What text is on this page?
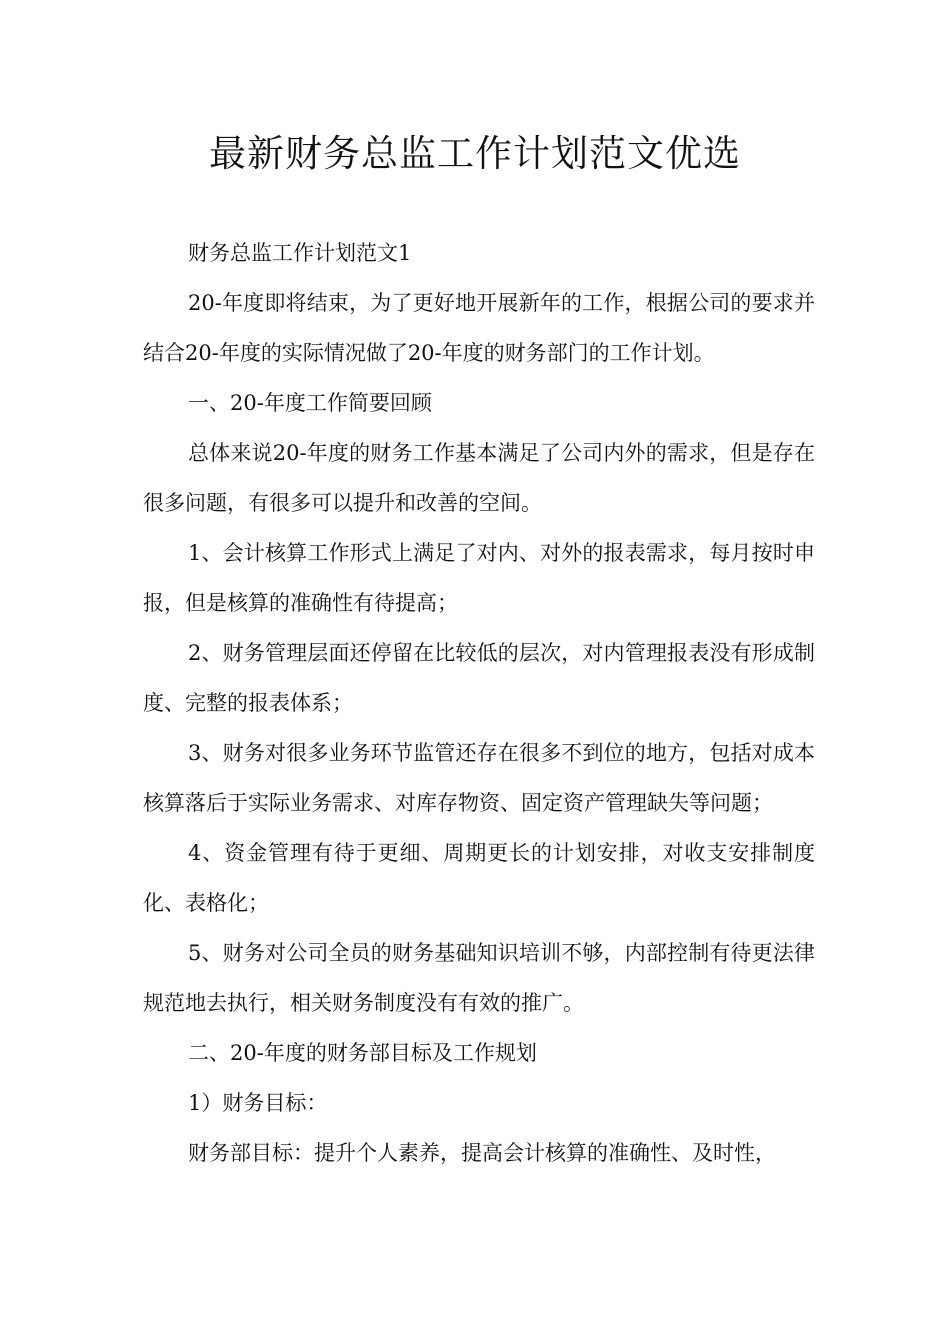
最新财务总监工作计划范文优选

财务总监工作计划范文1

20-年度即将结束，为了更好地开展新年的工作，根据公司的要求并结合20-年度的实际情况做了20-年度的财务部门的工作计划。

一、20-年度工作简要回顾

总体来说20-年度的财务工作基本满足了公司内外的需求，但是存在很多问题，有很多可以提升和改善的空间。

1、会计核算工作形式上满足了对内、对外的报表需求，每月按时申报，但是核算的准确性有待提高；

2、财务管理层面还停留在比较低的层次，对内管理报表没有形成制度、完整的报表体系；

3、财务对很多业务环节监管还存在很多不到位的地方，包括对成本核算落后于实际业务需求、对库存物资、固定资产管理缺失等问题；

4、资金管理有待于更细、周期更长的计划安排，对收支安排制度化、表格化；

5、财务对公司全员的财务基础知识培训不够，内部控制有待更法律规范地去执行，相关财务制度没有有效的推广。

二、20-年度的财务部目标及工作规划

1）财务目标：

财务部目标：提升个人素养，提高会计核算的准确性、及时性，
